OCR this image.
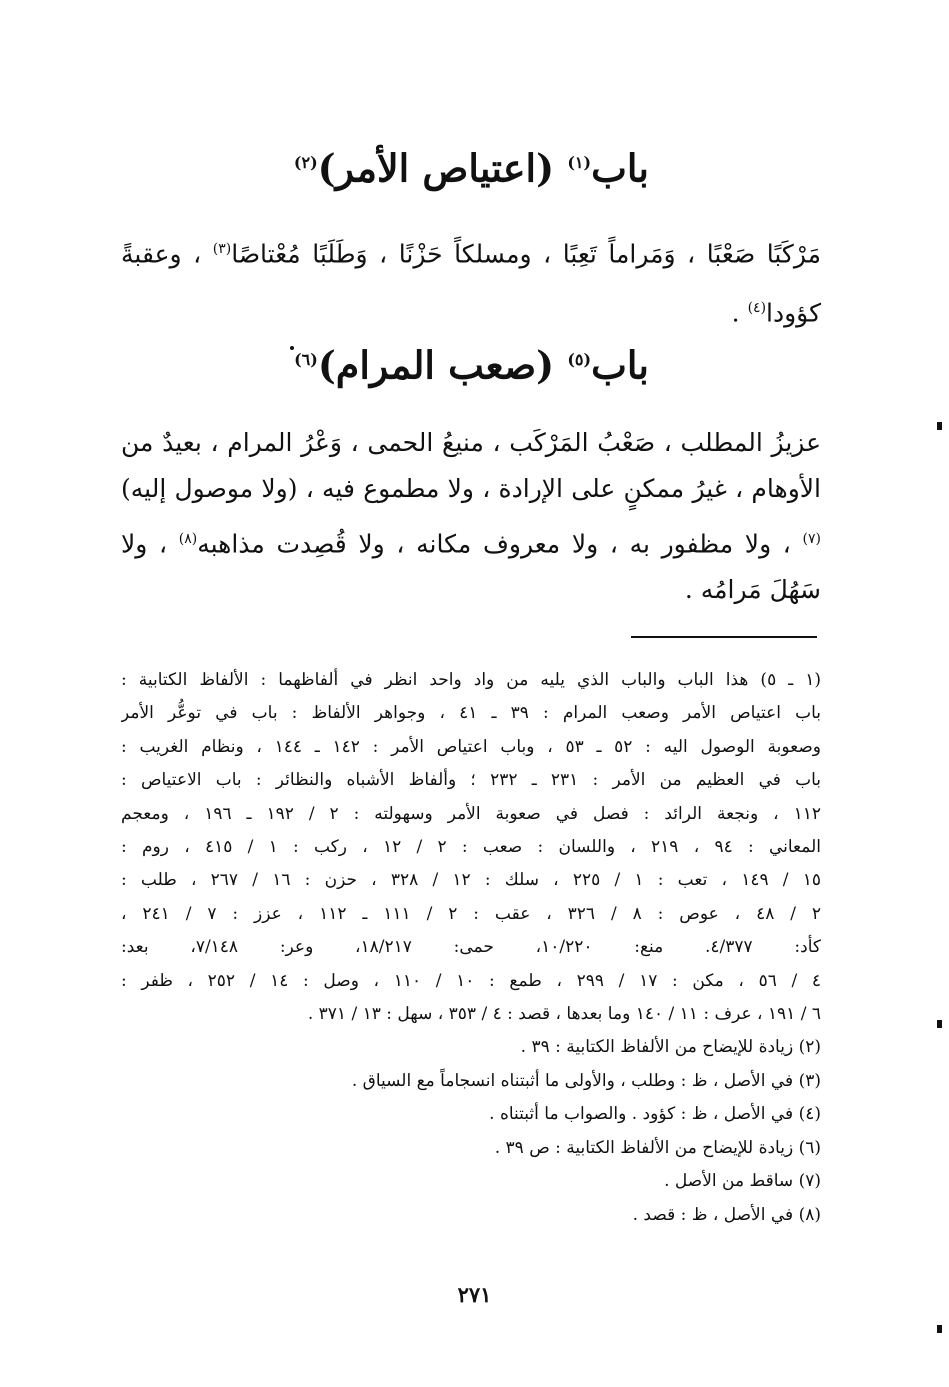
باب$^{(١)}$ (اعتياص الأمر)$^{(٢)}$
مَرْكَبًا صَعْبًا ، وَمَراماً تَعِبًا ، ومسلكاً حَزْنًا ، وَطَلَبًا مُعْتاصًا$^{(٣)}$ ، وعقبةً كؤودا$^{(٤)}$ .
باب$^{(٥)}$ (صعب المرام)$^{(٦)}$
عزيزُ المطلب ، صَعْبُ المَرْكَب ، منيعُ الحمى ، وَعْرُ المرام ، بعيدٌ من الأوهام ، غيرُ ممكنٍ على الإرادة ، ولا مطموع فيه ، (ولا موصول إليه) $^{(٧)}$ ، ولا مظفور به ، ولا معروف مكانه ، ولا قُصِدت مذاهبه$^{(٨)}$ ، ولا سَهُلَ مَرامُه .

(١ ـ ٥) هذا الباب والباب الذي يليه من واد واحد انظر في ألفاظهما : الألفاظ الكتابية :

باب اعتياص الأمر وصعب المرام : ٣٩ ـ ٤١ ، وجواهر الألفاظ : باب في توعُّر الأمر

وصعوبة الوصول اليه : ٥٢ ـ ٥٣ ، وباب اعتياص الأمر : ١٤٢ ـ ١٤٤ ، ونظام الغريب :

باب في العظيم من الأمر : ٢٣١ ـ ٢٣٢ ؛ وألفاظ الأشباه والنظائر : باب الاعتياص :

١١٢ ، ونجعة الرائد : فصل في صعوبة الأمر وسهولته : ٢ / ١٩٢ ـ ١٩٦ ، ومعجم

المعاني : ٩٤ ، ٢١٩ ، واللسان : صعب : ٢ / ١٢ ، ركب : ١ / ٤١٥ ، روم :

١٥ / ١٤٩ ، تعب : ١ / ٢٢٥ ، سلك : ١٢ / ٣٢٨ ، حزن : ١٦ / ٢٦٧ ، طلب :

٢ / ٤٨ ، عوص : ٨ / ٣٢٦ ، عقب : ٢ / ١١١ ـ ١١٢ ، عزز : ٧ / ٢٤١ ،

كأد: ٤/٣٧٧. منع: ١٠/٢٢٠، حمى: ١٨/٢١٧، وعر: ٧/١٤٨، بعد:

٤ / ٥٦ ، مكن : ١٧ / ٢٩٩ ، طمع : ١٠ / ١١٠ ، وصل : ١٤ / ٢٥٢ ، ظفر :

٦ / ١٩١ ، عرف : ١١ / ١٤٠ وما بعدها ، قصد : ٤ / ٣٥٣ ، سهل : ١٣ / ٣٧١ .

(٢) زيادة للإيضاح من الألفاظ الكتابية : ٣٩ .

(٣) في الأصل ، ظ : وطلب ، والأولى ما أثبتناه انسجاماً مع السياق .

(٤) في الأصل ، ظ : كؤود . والصواب ما أثبتناه .

(٦) زيادة للإيضاح من الألفاظ الكتابية : ص ٣٩ .

(٧) ساقط من الأصل .

(٨) في الأصل ، ظ : قصد .

٢٧١
